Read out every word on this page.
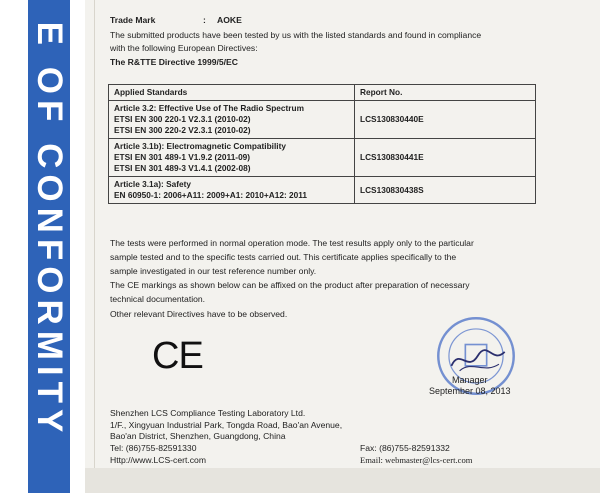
E OF CONFORMITY
Trade Mark	: AOKE
The submitted products have been tested by us with the listed standards and found in compliance
with the following European Directives:
The R&TTE Directive 1999/5/EC
Applied Standards	Report No.

Article 3.2: Effective Use of The Radio Spectrum
ETSI EN 300 220-1 V2.3.1 (2010-02)
ETSI EN 300 220-2 V2.3.1 (2010-02)	LCS130830440E

Article 3.1b): Electromagnetic Compatibility
ETSI EN 301 489-1 V1.9.2 (2011-09)
ETSI EN 301 489-3 V1.4.1 (2002-08)	LCS130830441E

Article 3.1a): Safety
EN 60950-1: 2006+A11: 2009+A1: 2010+A12: 2011	LCS130830438S
The tests were performed in normal operation mode. The test results apply only to the particular
sample tested and to the specific tests carried out. This certificate applies specifically to the
sample investigated in our test reference number only.
The CE markings as shown below can be affixed on the product after preparation of necessary
technical documentation.
Other relevant Directives have to be observed.
CE
Manager
September 08, 2013
Shenzhen LCS Compliance Testing Laboratory Ltd.
1/F., Xingyuan Industrial Park, Tongda Road, Bao'an Avenue,
Bao'an District, Shenzhen, Guangdong, China
Tel: (86)755-82591330
Http://www.LCS-cert.com
Fax: (86)755-82591332
Email: webmaster@lcs-cert.com
